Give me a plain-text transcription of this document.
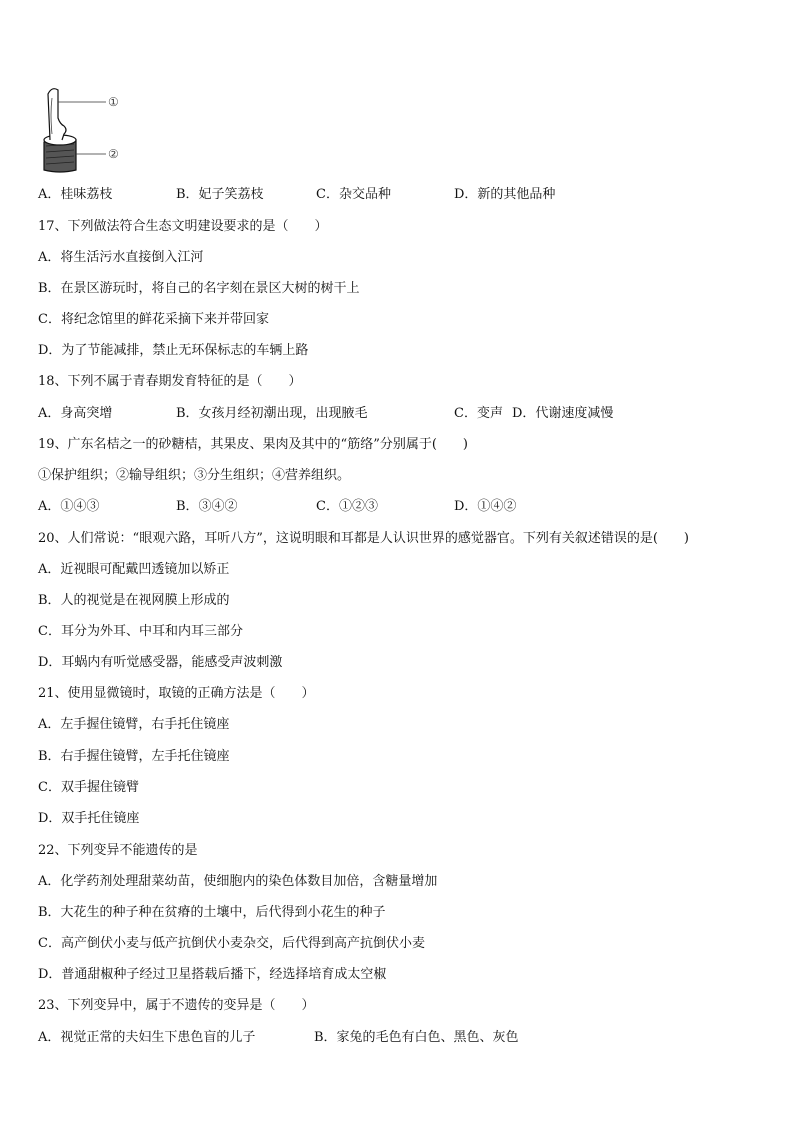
①
②
A．桂味荔枝	B．妃子笑荔枝	C．杂交品种	D．新的其他品种
17、下列做法符合生态文明建设要求的是（　　）
A．将生活污水直接倒入江河
B．在景区游玩时，将自己的名字刻在景区大树的树干上
C．将纪念馆里的鲜花采摘下来并带回家
D．为了节能减排，禁止无环保标志的车辆上路
18、下列不属于青春期发育特征的是（　　）
A．身高突增	B．女孩月经初潮出现，出现腋毛	C．变声 D．代谢速度减慢
19、广东名桔之一的砂糖桔，其果皮、果肉及其中的“筋络”分别属于(　　)
①保护组织；②输导组织；③分生组织；④营养组织。
A．①④③	B．③④②	C．①②③	D．①④②
20、人们常说：“眼观六路，耳听八方”，这说明眼和耳都是人认识世界的感觉器官。下列有关叙述错误的是(　　)
A．近视眼可配戴凹透镜加以矫正
B．人的视觉是在视网膜上形成的
C．耳分为外耳、中耳和内耳三部分
D．耳蜗内有听觉感受器，能感受声波刺激
21、使用显微镜时，取镜的正确方法是（　　）
A．左手握住镜臂，右手托住镜座
B．右手握住镜臂，左手托住镜座
C．双手握住镜臂
D．双手托住镜座
22、下列变异不能遗传的是
A．化学药剂处理甜菜幼苗，使细胞内的染色体数目加倍，含糖量增加
B．大花生的种子种在贫瘠的土壤中，后代得到小花生的种子
C．高产倒伏小麦与低产抗倒伏小麦杂交，后代得到高产抗倒伏小麦
D．普通甜椒种子经过卫星搭载后播下，经选择培育成太空椒
23、下列变异中，属于不遗传的变异是（　　）
A．视觉正常的夫妇生下患色盲的儿子	B．家兔的毛色有白色、黑色、灰色
